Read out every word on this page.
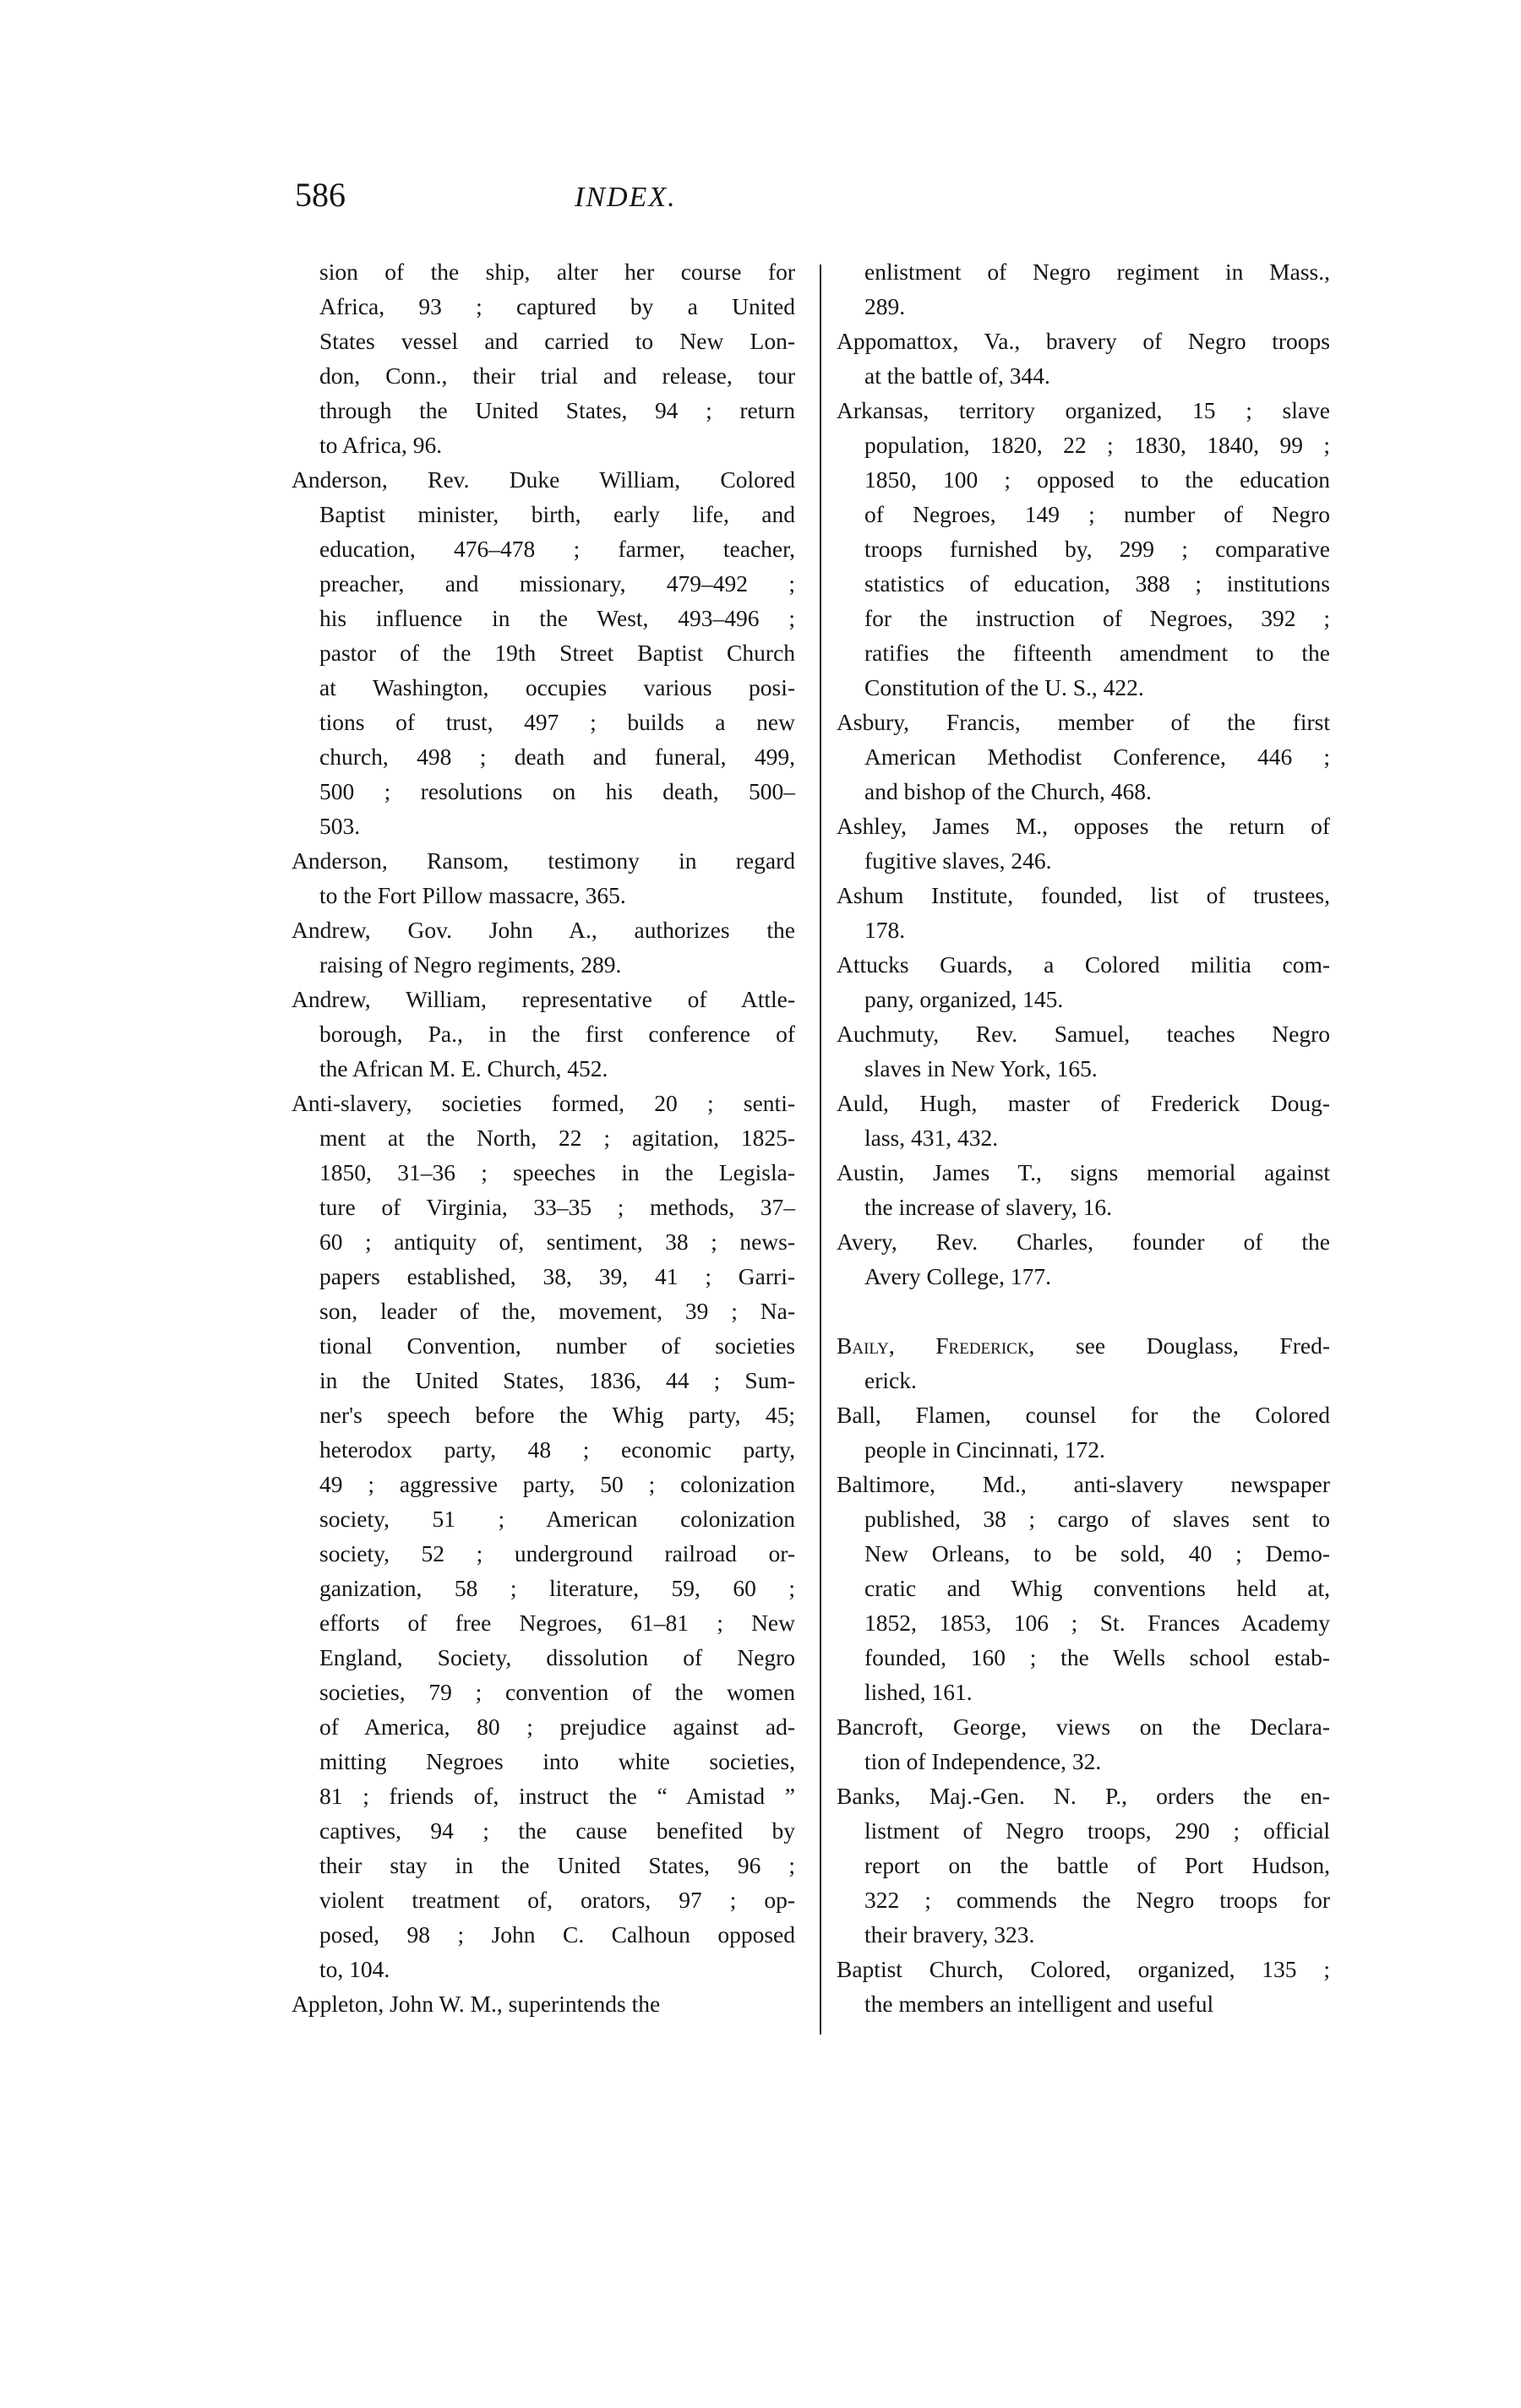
586	INDEX.
sion of the ship, alter her course for
Africa, 93 ; captured by a United
States vessel and carried to New Lon-
don, Conn., their trial and release, tour
through the United States, 94 ; return
to Africa, 96.
Anderson, Rev. Duke William, Colored
Baptist minister, birth, early life, and
education, 476–478 ; farmer, teacher,
preacher, and missionary, 479–492 ;
his influence in the West, 493–496 ;
pastor of the 19th Street Baptist Church
at Washington, occupies various posi-
tions of trust, 497 ; builds a new
church, 498 ; death and funeral, 499,
500 ; resolutions on his death, 500–
503.
Anderson, Ransom, testimony in regard
to the Fort Pillow massacre, 365.
Andrew, Gov. John A., authorizes the
raising of Negro regiments, 289.
Andrew, William, representative of Attle-
borough, Pa., in the first conference of
the African M. E. Church, 452.
Anti-slavery, societies formed, 20 ; senti-
ment at the North, 22 ; agitation, 1825-
1850, 31–36 ; speeches in the Legisla-
ture of Virginia, 33–35 ; methods, 37–
60 ; antiquity of, sentiment, 38 ; news-
papers established, 38, 39, 41 ; Garri-
son, leader of the, movement, 39 ; Na-
tional Convention, number of societies
in the United States, 1836, 44 ; Sum-
ner's speech before the Whig party, 45;
heterodox party, 48 ; economic party,
49 ; aggressive party, 50 ; colonization
society, 51 ; American colonization
society, 52 ; underground railroad or-
ganization, 58 ; literature, 59, 60 ;
efforts of free Negroes, 61–81 ; New
England, Society, dissolution of Negro
societies, 79 ; convention of the women
of America, 80 ; prejudice against ad-
mitting Negroes into white societies,
81 ; friends of, instruct the “ Amistad ”
captives, 94 ; the cause benefited by
their stay in the United States, 96 ;
violent treatment of, orators, 97 ; op-
posed, 98 ; John C. Calhoun opposed
to, 104.
Appleton, John W. M., superintends the
enlistment of Negro regiment in Mass.,
289.
Appomattox, Va., bravery of Negro troops
at the battle of, 344.
Arkansas, territory organized, 15 ; slave
population, 1820, 22 ; 1830, 1840, 99 ;
1850, 100 ; opposed to the education
of Negroes, 149 ; number of Negro
troops furnished by, 299 ; comparative
statistics of education, 388 ; institutions
for the instruction of Negroes, 392 ;
ratifies the fifteenth amendment to the
Constitution of the U. S., 422.
Asbury, Francis, member of the first
American Methodist Conference, 446 ;
and bishop of the Church, 468.
Ashley, James M., opposes the return of
fugitive slaves, 246.
Ashum Institute, founded, list of trustees,
178.
Attucks Guards, a Colored militia com-
pany, organized, 145.
Auchmuty, Rev. Samuel, teaches Negro
slaves in New York, 165.
Auld, Hugh, master of Frederick Doug-
lass, 431, 432.
Austin, James T., signs memorial against
the increase of slavery, 16.
Avery, Rev. Charles, founder of the
Avery College, 177.
Baily, Frederick, see Douglass, Fred-
erick.
Ball, Flamen, counsel for the Colored
people in Cincinnati, 172.
Baltimore, Md., anti-slavery newspaper
published, 38 ; cargo of slaves sent to
New Orleans, to be sold, 40 ; Demo-
cratic and Whig conventions held at,
1852, 1853, 106 ; St. Frances Academy
founded, 160 ; the Wells school estab-
lished, 161.
Bancroft, George, views on the Declara-
tion of Independence, 32.
Banks, Maj.-Gen. N. P., orders the en-
listment of Negro troops, 290 ; official
report on the battle of Port Hudson,
322 ; commends the Negro troops for
their bravery, 323.
Baptist Church, Colored, organized, 135 ;
the members an intelligent and useful
